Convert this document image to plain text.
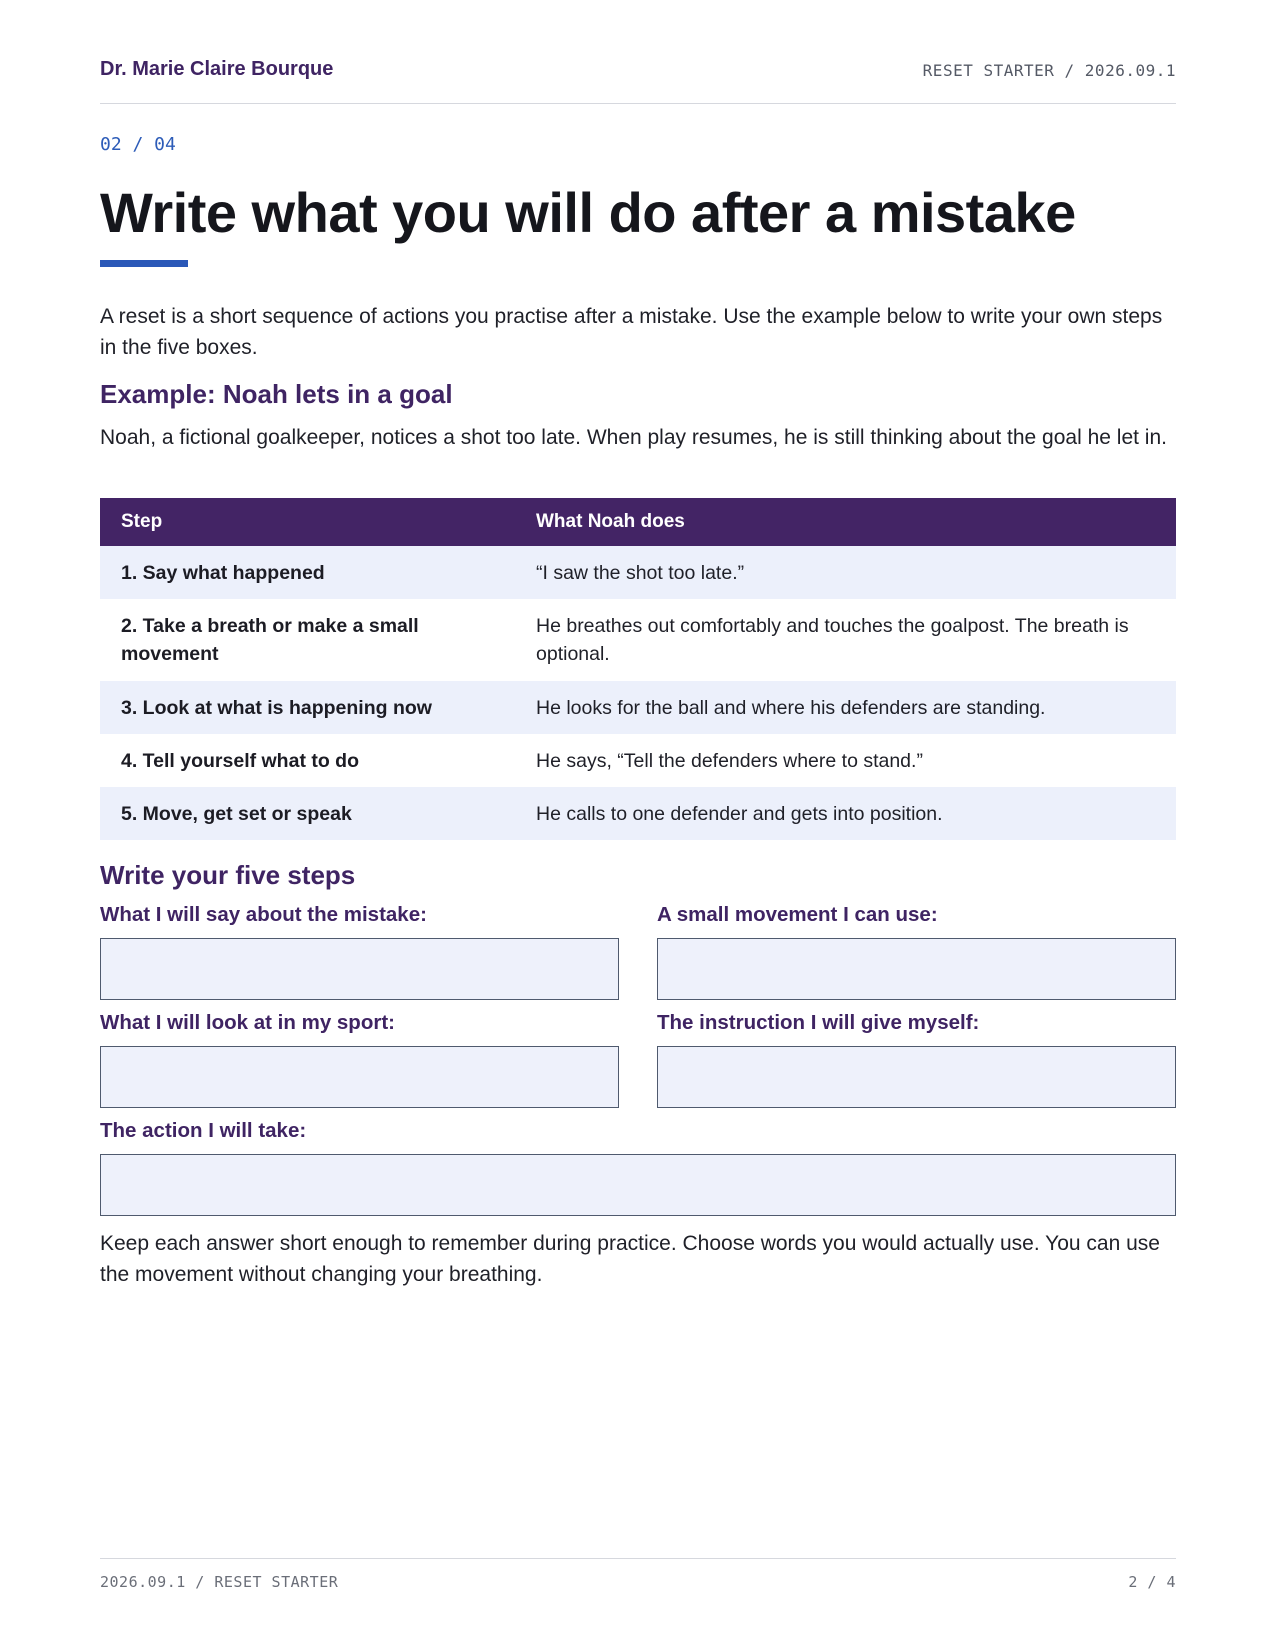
Dr. Marie Claire Bourque	RESET STARTER / 2026.09.1
02 / 04
Write what you will do after a mistake

A reset is a short sequence of actions you practise after a mistake. Use the example below to write your own steps in the five boxes.

Example: Noah lets in a goal

Noah, a fictional goalkeeper, notices a shot too late. When play resumes, he is still thinking about the goal he let in.

Step	What Noah does
1. Say what happened	“I saw the shot too late.”
2. Take a breath or make a small movement	He breathes out comfortably and touches the goalpost. The breath is optional.
3. Look at what is happening now	He looks for the ball and where his defenders are standing.
4. Tell yourself what to do	He says, “Tell the defenders where to stand.”
5. Move, get set or speak	He calls to one defender and gets into position.
Write your five steps
What I will say about the mistake:	A small movement I can use:
What I will look at in my sport:	The instruction I will give myself:
The action I will take:

Keep each answer short enough to remember during practice. Choose words you would actually use. You can use the movement without changing your breathing.

2026.09.1 / RESET STARTER	2 / 4
